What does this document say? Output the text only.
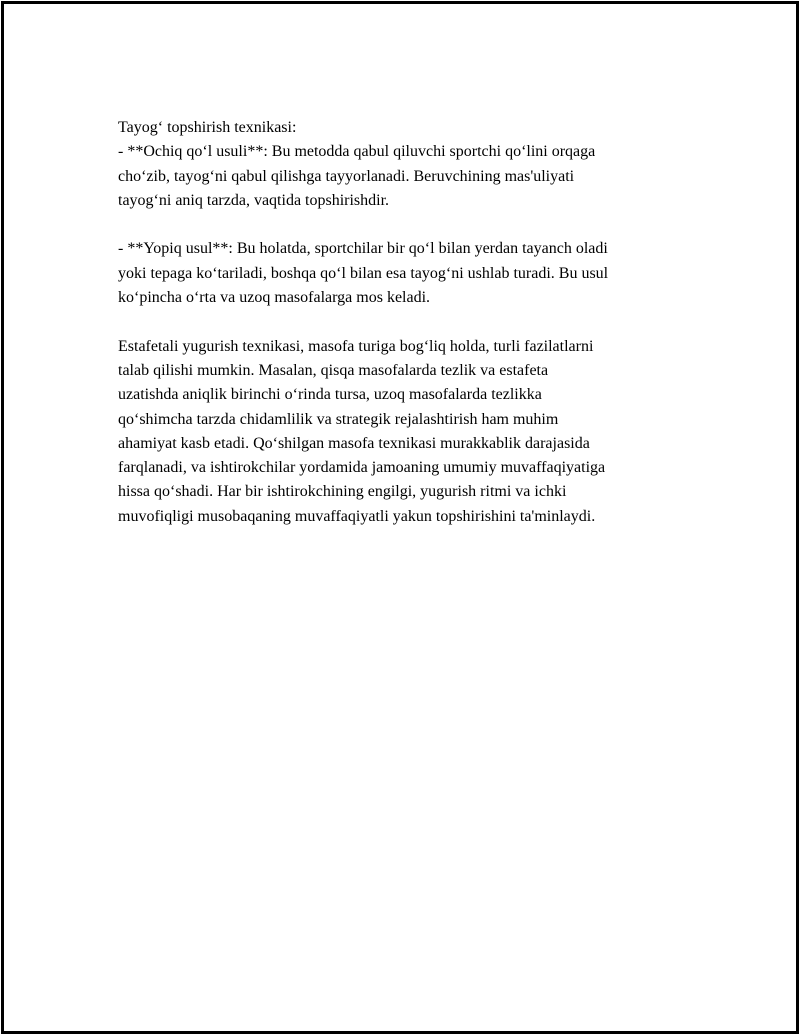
Tayog‘ topshirish texnikasi:

- **Ochiq qo‘l usuli**: Bu metodda qabul qiluvchi sportchi qo‘lini orqaga

cho‘zib, tayog‘ni qabul qilishga tayyorlanadi. Beruvchining mas'uliyati

tayog‘ni aniq tarzda, vaqtida topshirishdir.

- **Yopiq usul**: Bu holatda, sportchilar bir qo‘l bilan yerdan tayanch oladi

yoki tepaga ko‘tariladi, boshqa qo‘l bilan esa tayog‘ni ushlab turadi. Bu usul

ko‘pincha o‘rta va uzoq masofalarga mos keladi.

Estafetali yugurish texnikasi, masofa turiga bog‘liq holda, turli fazilatlarni

talab qilishi mumkin. Masalan, qisqa masofalarda tezlik va estafeta

uzatishda aniqlik birinchi o‘rinda tursa, uzoq masofalarda tezlikka

qo‘shimcha tarzda chidamlilik va strategik rejalashtirish ham muhim

ahamiyat kasb etadi. Qo‘shilgan masofa texnikasi murakkablik darajasida

farqlanadi, va ishtirokchilar yordamida jamoaning umumiy muvaffaqiyatiga

hissa qo‘shadi. Har bir ishtirokchining engilgi, yugurish ritmi va ichki

muvofiqligi musobaqaning muvaffaqiyatli yakun topshirishini ta'minlaydi.
